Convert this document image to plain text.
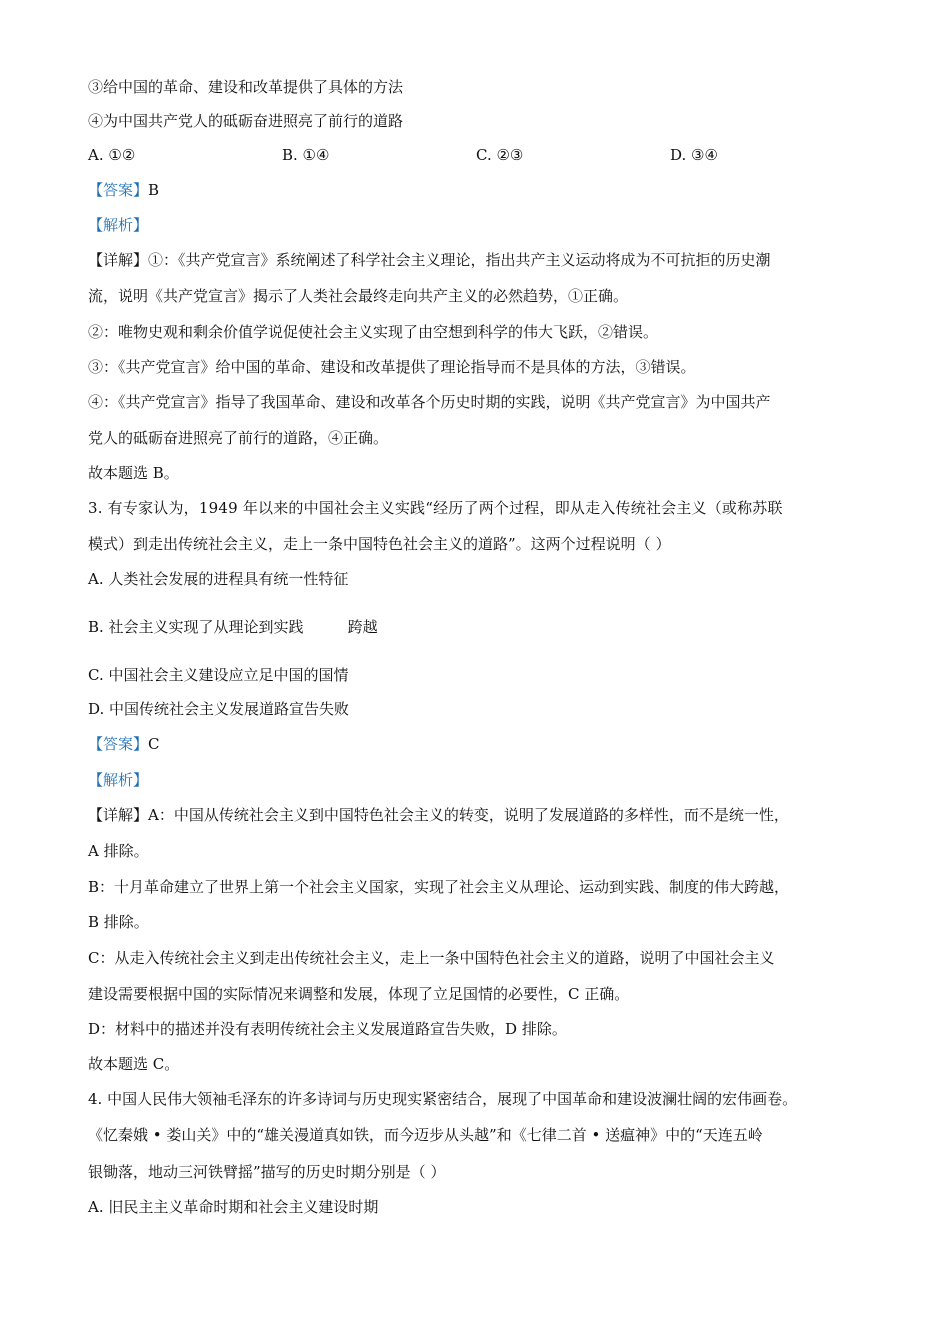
③给中国的革命、建设和改革提供了具体的方法
④为中国共产党人的砥砺奋进照亮了前行的道路
A. ①②	B. ①④	C. ②③	D. ③④
【答案】B
【解析】
【详解】①：《共产党宣言》系统阐述了科学社会主义理论，指出共产主义运动将成为不可抗拒的历史潮
流，说明《共产党宣言》揭示了人类社会最终走向共产主义的必然趋势，①正确。
②：唯物史观和剩余价值学说促使社会主义实现了由空想到科学的伟大飞跃，②错误。
③：《共产党宣言》给中国的革命、建设和改革提供了理论指导而不是具体的方法，③错误。
④：《共产党宣言》指导了我国革命、建设和改革各个历史时期的实践，说明《共产党宣言》为中国共产
党人的砥砺奋进照亮了前行的道路，④正确。
故本题选 B。
3. 有专家认为，1949 年以来的中国社会主义实践“经历了两个过程，即从走入传统社会主义（或称苏联
模式）到走出传统社会主义，走上一条中国特色社会主义的道路”。这两个过程说明（ ）
A. 人类社会发展的进程具有统一性特征
B. 社会主义实现了从理论到实践	跨越
C. 中国社会主义建设应立足中国的国情
D. 中国传统社会主义发展道路宣告失败
【答案】C
【解析】
【详解】A：中国从传统社会主义到中国特色社会主义的转变，说明了发展道路的多样性，而不是统一性，
A 排除。
B：十月革命建立了世界上第一个社会主义国家，实现了社会主义从理论、运动到实践、制度的伟大跨越，
B 排除。
C：从走入传统社会主义到走出传统社会主义，走上一条中国特色社会主义的道路，说明了中国社会主义
建设需要根据中国的实际情况来调整和发展，体现了立足国情的必要性，C 正确。
D：材料中的描述并没有表明传统社会主义发展道路宣告失败，D 排除。
故本题选 C。
4. 中国人民伟大领袖毛泽东的许多诗词与历史现实紧密结合，展现了中国革命和建设波澜壮阔的宏伟画卷。
《忆秦娥 • 娄山关》中的“雄关漫道真如铁，而今迈步从头越”和《七律二首 • 送瘟神》中的“天连五岭
银锄落，地动三河铁臂摇”描写的历史时期分别是（ ）
A. 旧民主主义革命时期和社会主义建设时期
